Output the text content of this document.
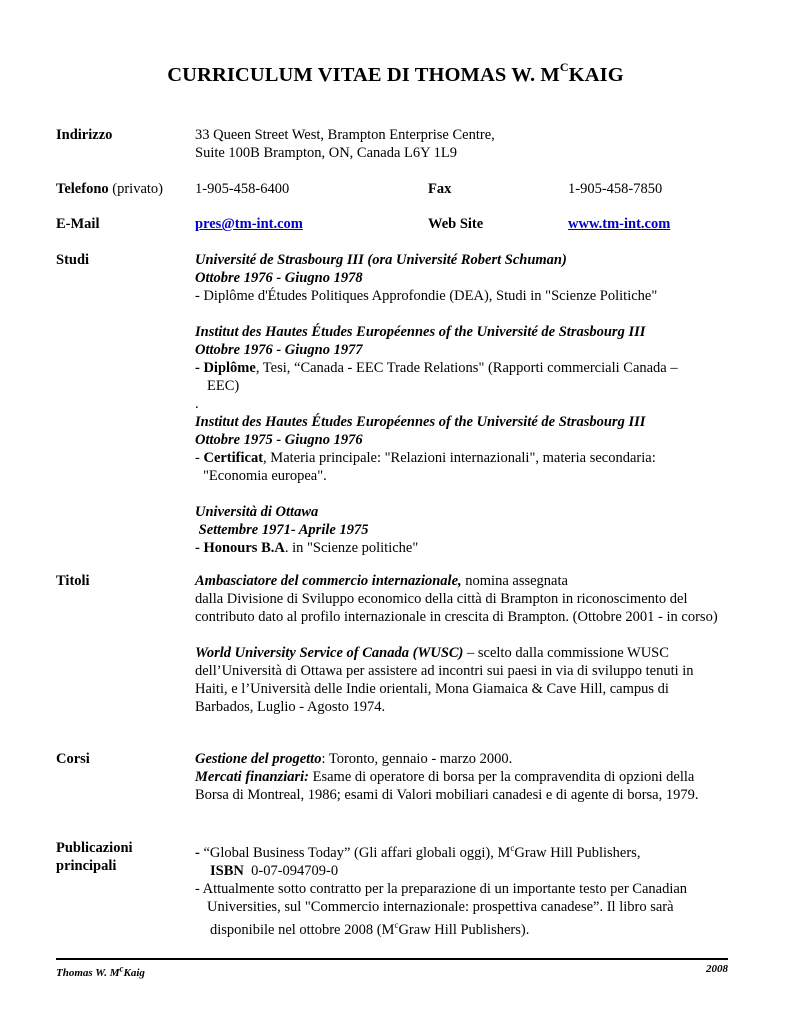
CURRICULUM VITAE DI THOMAS W. $M^CKAIG$
Indirizzo	33 Queen Street West, Brampton Enterprise Centre,

Suite 100B Brampton, ON, Canada L6Y 1L9

Telefono (privato)	1-905-458-6400	Fax	1-905-458-7850
E-Mail	pres@tm-int.com	Web Site	www.tm-int.com
Studi	Université de Strasbourg III (ora Université Robert Schuman)

Ottobre 1976 - Giugno 1978

- Diplôme d'Études Politiques Approfondie (DEA), Studi in "Scienze Politiche"

Institut des Hautes Études Européennes of the Université de Strasbourg III

Ottobre 1976 - Giugno 1977

- Diplôme, Tesi, “Canada - EEC Trade Relations" (Rapporti commerciali Canada –

EEC)

.

Institut des Hautes Études Européennes of the Université de Strasbourg III

Ottobre 1975 - Giugno 1976

- Certificat, Materia principale: "Relazioni internazionali", materia secondaria:

"Economia europea".

Università di Ottawa

Settembre 1971- Aprile 1975

- Honours B.A. in "Scienze politiche"

Titoli	Ambasciatore del commercio internazionale, nomina assegnata
dalla Divisione di Sviluppo economico della città di Brampton in riconoscimento del contributo dato al profilo internazionale in crescita di Brampton. (Ottobre 2001 - in corso)

World University Service of Canada (WUSC) – scelto dalla commissione WUSC dell’Università di Ottawa per assistere ad incontri sui paesi in via di sviluppo tenuti in Haiti, e l’Università delle Indie orientali, Mona Giamaica & Cave Hill, campus di Barbados, Luglio - Agosto 1974.

Corsi	Gestione del progetto: Toronto, gennaio - marzo 2000.

Mercati finanziari: Esame di operatore di borsa per la compravendita di opzioni della Borsa di Montreal, 1986; esami di Valori mobiliari canadesi e di agente di borsa, 1979.

Publicazioni
principali

- “Global Business Today” (Gli affari globali oggi), $M^cGraw$ Hill Publishers,

ISBN  0-07-094709-0

- Attualmente sotto contratto per la preparazione di un importante testo per Canadian

Universities, sul "Commercio internazionale: prospettiva canadese”. Il libro sarà

disponibile nel ottobre 2008 ($M^cGraw$ Hill Publishers).

Thomas W. $M^cKaig$	2008
